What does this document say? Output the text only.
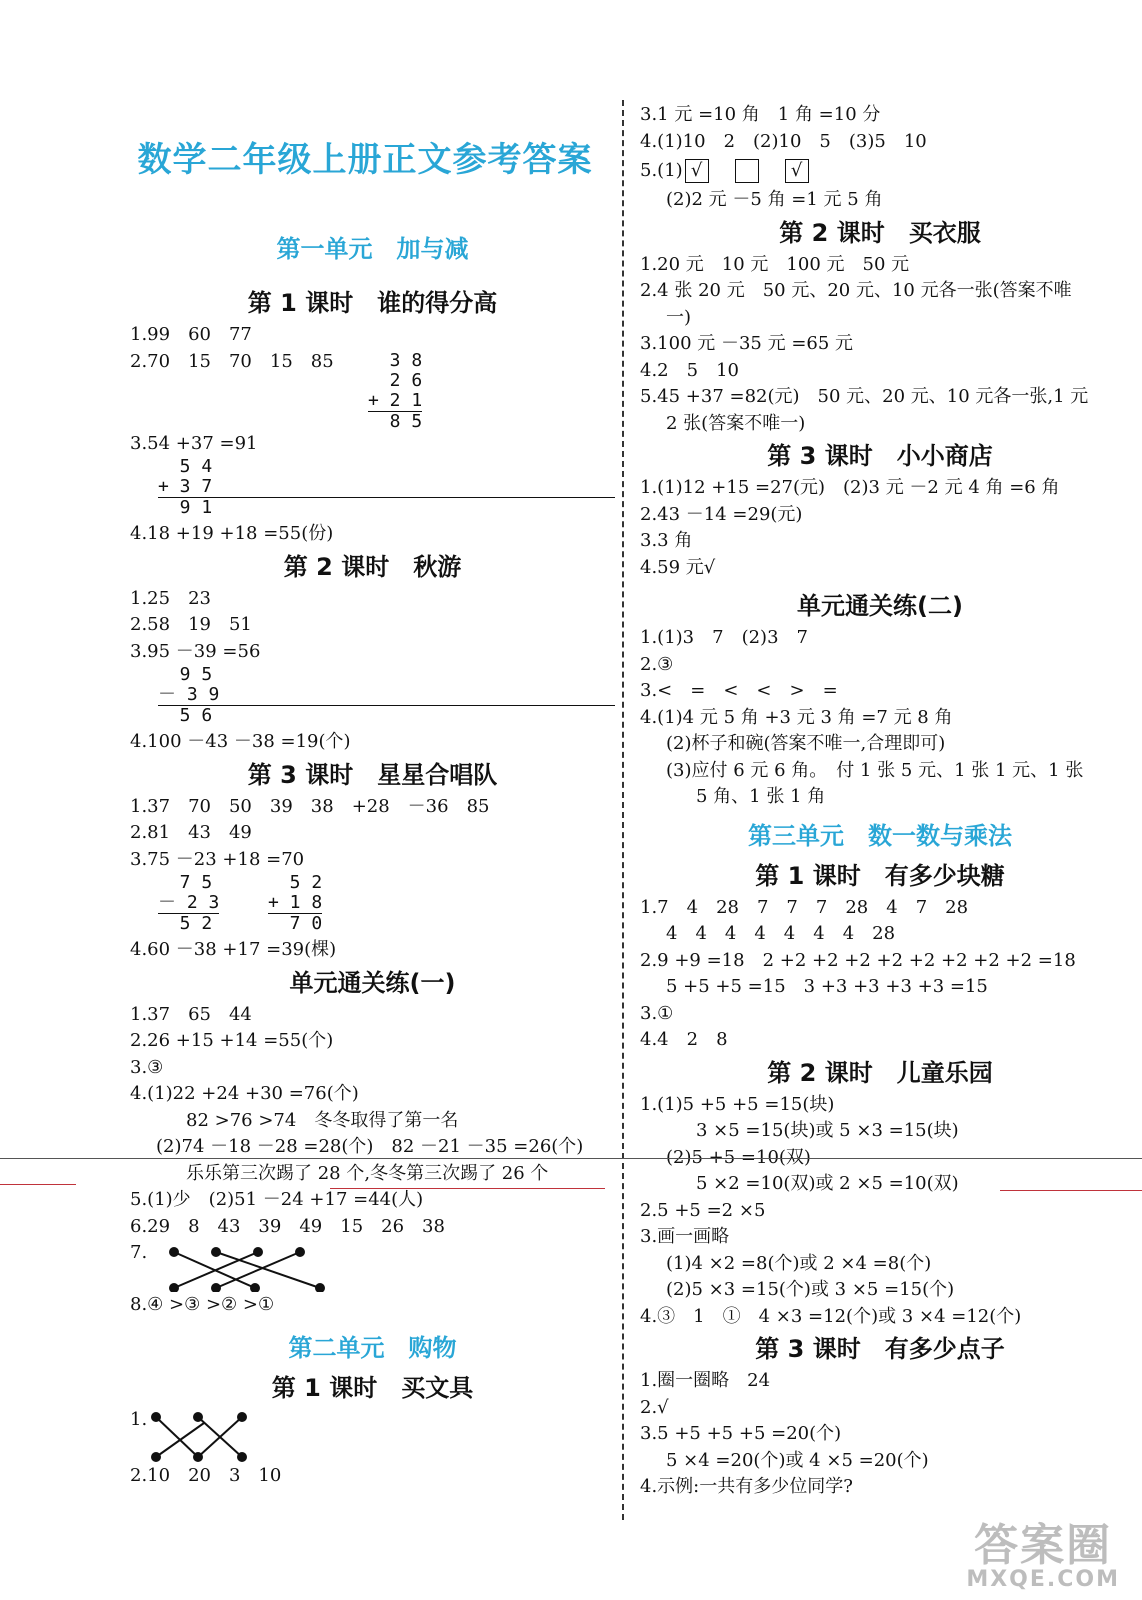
数学二年级上册正文参考答案
第一单元　加与减
第 1 课时　谁的得分高
1.99　60　77
2.70　15　70　15　85	3 8
2 6
+ 2 1
8 5
3.54 +37 =91
5 4
+ 3 7
9 1
4.18 +19 +18 =55(份)
第 2 课时　秋游
1.25　23
2.58　19　51
3.95 －39 =56
9 5
－ 3 9
5 6
4.100 －43 －38 =19(个)
第 3 课时　星星合唱队
1.37　70　50　39　38　+28　－36　85
2.81　43　49
3.75 －23 +18 =70
7 5
－ 2 3
5 2
5 2
+ 1 8
7 0
4.60 －38 +17 =39(棵)
单元通关练(一)
1.37　65　44
2.26 +15 +14 =55(个)
3.③
4.(1)22 +24 +30 =76(个)
82 >76 >74　冬冬取得了第一名
(2)74 －18 －28 =28(个)　82 －21 －35 =26(个)
乐乐第三次踢了 28 个,冬冬第三次踢了 26 个
5.(1)少　(2)51 －24 +17 =44(人)
6.29　8　43　39　49　15　26　38
7.
8.④ >③ >② >①
第二单元　购物
第 1 课时　买文具
1.
2.10　20　3　10
3.1 元 =10 角　1 角 =10 分
4.(1)10　2　(2)10　5　(3)5　10
5.(1) √	√
(2)2 元 －5 角 =1 元 5 角
第 2 课时　买衣服
1.20 元　10 元　100 元　50 元
2.4 张 20 元　50 元、20 元、10 元各一张(答案不唯
一)
3.100 元 －35 元 =65 元
4.2　5　10
5.45 +37 =82(元)　50 元、20 元、10 元各一张,1 元
2 张(答案不唯一)
第 3 课时　小小商店
1.(1)12 +15 =27(元)　(2)3 元 －2 元 4 角 =6 角
2.43 －14 =29(元)
3.3 角
4.59 元√
单元通关练(二)
1.(1)3　7　(2)3　7
2.③
3.<　=　<　<　>　=
4.(1)4 元 5 角 +3 元 3 角 =7 元 8 角
(2)杯子和碗(答案不唯一,合理即可)
(3)应付 6 元 6 角。　付 1 张 5 元、1 张 1 元、1 张
5 角、1 张 1 角
第三单元　数一数与乘法
第 1 课时　有多少块糖
1.7　4　28　7　7　7　28　4　7　28
4　4　4　4　4　4　4　28
2.9 +9 =18　2 +2 +2 +2 +2 +2 +2 +2 +2 =18
5 +5 +5 =15　3 +3 +3 +3 +3 =15
3.①
4.4　2　8
第 2 课时　儿童乐园
1.(1)5 +5 +5 =15(块)
3 ×5 =15(块)或 5 ×3 =15(块)
(2)5 +5 =10(双)
5 ×2 =10(双)或 2 ×5 =10(双)
2.5 +5 =2 ×5
3.画一画略
(1)4 ×2 =8(个)或 2 ×4 =8(个)
(2)5 ×3 =15(个)或 3 ×5 =15(个)
4.③　1　①　4 ×3 =12(个)或 3 ×4 =12(个)
第 3 课时　有多少点子
1.圈一圈略　24
2.√
3.5 +5 +5 +5 =20(个)
5 ×4 =20(个)或 4 ×5 =20(个)
4.示例:一共有多少位同学?
答案圈
MXQE.COM
